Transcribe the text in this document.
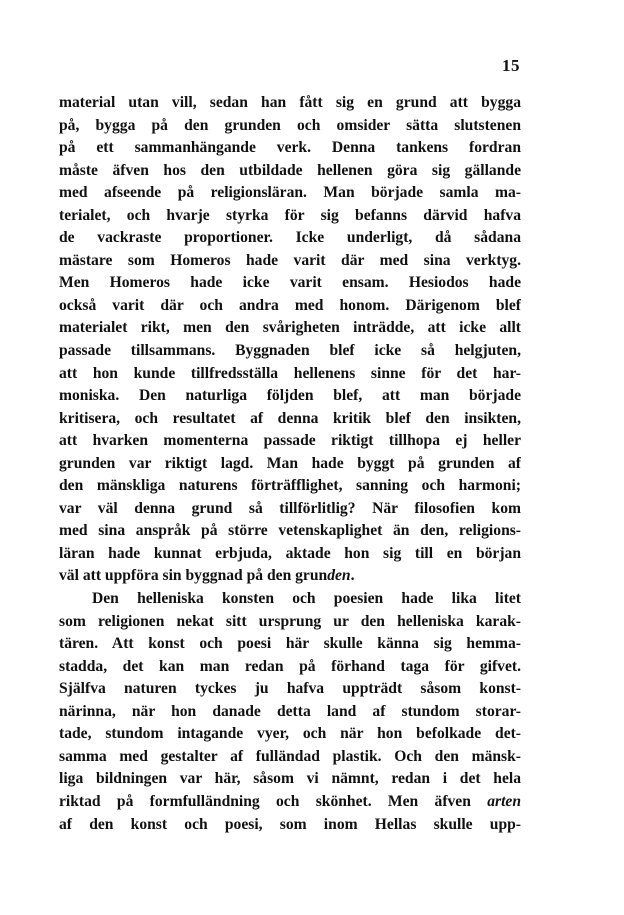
15
material utan vill, sedan han fått sig en grund att bygga
på, bygga på den grunden och omsider sätta slutstenen
på ett sammanhängande verk. Denna tankens fordran
måste äfven hos den utbildade hellenen göra sig gällande
med afseende på religionsläran. Man började samla ma-
terialet, och hvarje styrka för sig befanns därvid hafva
de vackraste proportioner. Icke underligt, då sådana
mästare som Homeros hade varit där med sina verktyg.
Men Homeros hade icke varit ensam. Hesiodos hade
också varit där och andra med honom. Därigenom blef
materialet rikt, men den svårigheten inträdde, att icke allt
passade tillsammans. Byggnaden blef icke så helgjuten,
att hon kunde tillfredsställa hellenens sinne för det har-
moniska. Den naturliga följden blef, att man började
kritisera, och resultatet af denna kritik blef den insikten,
att hvarken momenterna passade riktigt tillhopa ej heller
grunden var riktigt lagd. Man hade byggt på grunden af
den mänskliga naturens förträfflighet, sanning och harmoni;
var väl denna grund så tillförlitlig? När filosofien kom
med sina anspråk på större vetenskaplighet än den, religions-
läran hade kunnat erbjuda, aktade hon sig till en början
väl att uppföra sin byggnad på den grunden.
Den helleniska konsten och poesien hade lika litet
som religionen nekat sitt ursprung ur den helleniska karak-
tären. Att konst och poesi här skulle känna sig hemma-
stadda, det kan man redan på förhand taga för gifvet.
Själfva naturen tyckes ju hafva uppträdt såsom konst-
närinna, när hon danade detta land af stundom storar-
tade, stundom intagande vyer, och när hon befolkade det-
samma med gestalter af fulländad plastik. Och den mänsk-
liga bildningen var här, såsom vi nämnt, redan i det hela
riktad på formfulländning och skönhet. Men äfven arten
af den konst och poesi, som inom Hellas skulle upp-
